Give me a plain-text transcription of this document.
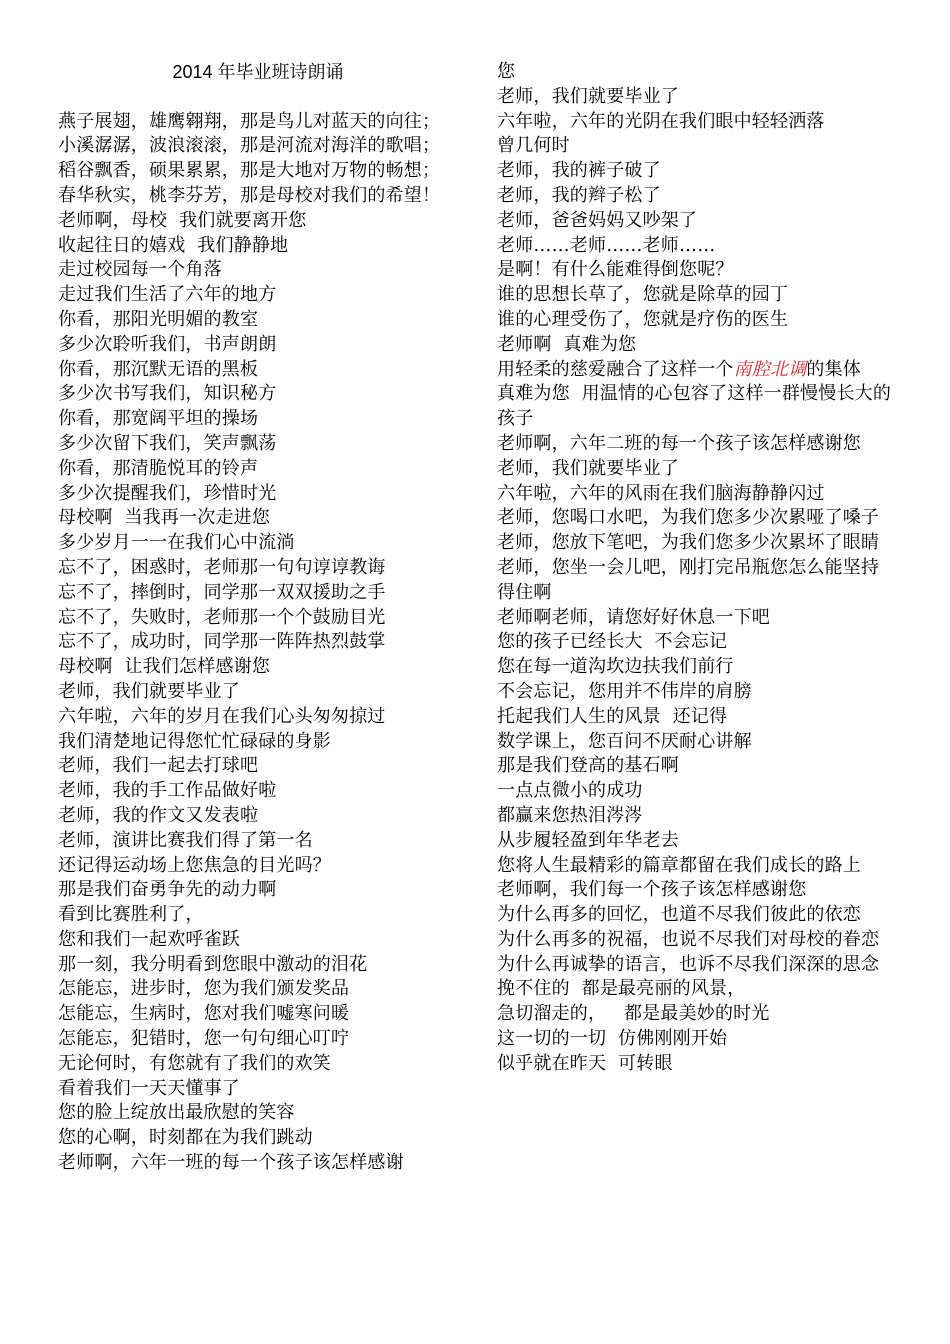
2014 年毕业班诗朗诵

燕子展翅，雄鹰翱翔，那是鸟儿对蓝天的向往；

小溪潺潺，波浪滚滚，那是河流对海洋的歌唱；

稻谷飘香，硕果累累，那是大地对万物的畅想；

春华秋实，桃李芬芳，那是母校对我们的希望！

老师啊，母校  我们就要离开您

收起往日的嬉戏  我们静静地

走过校园每一个角落

走过我们生活了六年的地方

你看，那阳光明媚的教室

多少次聆听我们，书声朗朗

你看，那沉默无语的黑板

多少次书写我们，知识秘方

你看，那宽阔平坦的操场

多少次留下我们，笑声飘荡

你看，那清脆悦耳的铃声

多少次提醒我们，珍惜时光

母校啊  当我再一次走进您

多少岁月一一在我们心中流淌

忘不了，困惑时，老师那一句句谆谆教诲

忘不了，摔倒时，同学那一双双援助之手

忘不了，失败时，老师那一个个鼓励目光

忘不了，成功时，同学那一阵阵热烈鼓掌

母校啊  让我们怎样感谢您

老师，我们就要毕业了

六年啦，六年的岁月在我们心头匆匆掠过

我们清楚地记得您忙忙碌碌的身影

老师，我们一起去打球吧

老师，我的手工作品做好啦

老师，我的作文又发表啦

老师，演讲比赛我们得了第一名

还记得运动场上您焦急的目光吗？

那是我们奋勇争先的动力啊

看到比赛胜利了，

您和我们一起欢呼雀跃

那一刻，我分明看到您眼中激动的泪花

怎能忘，进步时，您为我们颁发奖品

怎能忘，生病时，您对我们嘘寒问暖

怎能忘，犯错时，您一句句细心叮咛

无论何时，有您就有了我们的欢笑

看着我们一天天懂事了

您的脸上绽放出最欣慰的笑容

您的心啊，时刻都在为我们跳动

老师啊，六年一班的每一个孩子该怎样感谢

您

老师，我们就要毕业了

六年啦，六年的光阴在我们眼中轻轻洒落

曾几何时

老师，我的裤子破了

老师，我的辫子松了

老师，爸爸妈妈又吵架了

老师……老师……老师……

是啊！有什么能难得倒您呢？

谁的思想长草了，您就是除草的园丁

谁的心理受伤了，您就是疗伤的医生

老师啊  真难为您

用轻柔的慈爱融合了这样一个南腔北调的集体

真难为您  用温情的心包容了这样一群慢慢长大的孩子

老师啊，六年二班的每一个孩子该怎样感谢您

老师，我们就要毕业了

六年啦，六年的风雨在我们脑海静静闪过

老师，您喝口水吧，为我们您多少次累哑了嗓子

老师，您放下笔吧，为我们您多少次累坏了眼睛

老师，您坐一会儿吧，刚打完吊瓶您怎么能坚持得住啊

老师啊老师，请您好好休息一下吧

您的孩子已经长大  不会忘记

您在每一道沟坎边扶我们前行

不会忘记，您用并不伟岸的肩膀

托起我们人生的风景  还记得

数学课上，您百问不厌耐心讲解

那是我们登高的基石啊

一点点微小的成功

都赢来您热泪涔涔

从步履轻盈到年华老去

您将人生最精彩的篇章都留在我们成长的路上

老师啊，我们每一个孩子该怎样感谢您

为什么再多的回忆，也道不尽我们彼此的依恋

为什么再多的祝福，也说不尽我们对母校的眷恋

为什么再诚挚的语言，也诉不尽我们深深的思念

挽不住的  都是最亮丽的风景，

急切溜走的，   都是最美妙的时光

这一切的一切  仿佛刚刚开始

似乎就在昨天  可转眼
